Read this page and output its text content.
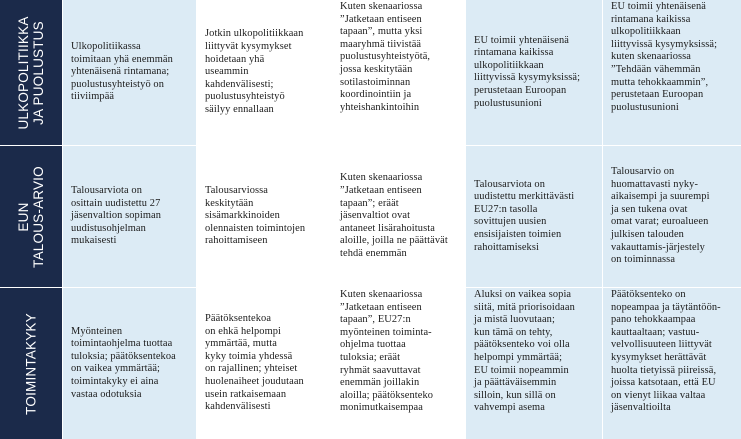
ULKOPOLITIIKKA JA PUOLUSTUS Ulkopolitiikassa
toimitaan yhä enemmän
yhtenäisenä rintamana;
puolustusyhteistyö on
tiiviimpää
Jotkin ulkopolitiikkaan
liittyvät kysymykset
hoidetaan yhä
useammin
kahdenvälisesti;
puolustusyhteistyö
säilyy ennallaan
Kuten skenaariossa
”Jatketaan entiseen
tapaan”, mutta yksi
maaryhmä tiivistää
puolustusyhteistyötä,
jossa keskitytään
sotilastoiminnan
koordinointiin ja
yhteishankintoihin
EU toimii yhtenäisenä
rintamana kaikissa
ulkopolitiikkaan
liittyvissä kysymyksissä;
perustetaan Euroopan
puolustusunioni
EU toimii yhtenäisenä
rintamana kaikissa
ulkopolitiikkaan
liittyvissä kysymyksissä;
kuten skenaariossa
”Tehdään vähemmän
mutta tehokkaammin”,
perustetaan Euroopan
puolustusunioni
EUN TALOUS-ARVIO Talousarviota on
osittain uudistettu 27
jäsenvaltion sopiman
uudistusohjelman
mukaisesti
Talousarviossa
keskitytään
sisämarkkinoiden
olennaisten toimintojen
rahoittamiseen
Kuten skenaariossa
”Jatketaan entiseen
tapaan”; eräät
jäsenvaltiot ovat
antaneet lisärahoitusta
aloille, joilla ne päättävät
tehdä enemmän
Talousarviota on
uudistettu merkittävästi
EU27:n tasolla
sovittujen uusien
ensisijaisten toimien
rahoittamiseksi
Talousarvio on
huomattavasti nyky-
aikaisempi ja suurempi
ja sen tukena ovat
omat varat; euroalueen
julkisen talouden
vakauttamis-järjestely
on toiminnassa
TOIMINTAKYKY	Myönteinen
toimintaohjelma tuottaa
tuloksia; päätöksentekoa
on vaikea ymmärtää;
toimintakyky ei aina
vastaa odotuksia
Päätöksentekoa
on ehkä helpompi
ymmärtää, mutta
kyky toimia yhdessä
on rajallinen; yhteiset
huolenaiheet joudutaan
usein ratkaisemaan
kahdenvälisesti
Kuten skenaariossa
”Jatketaan entiseen
tapaan”, EU27:n
myönteinen toiminta-
ohjelma tuottaa
tuloksia; eräät
ryhmät saavuttavat
enemmän joillakin
aloilla; päätöksenteko
monimutkaisempaa
Aluksi on vaikea sopia
siitä, mitä priorisoidaan
ja mistä luovutaan;
kun tämä on tehty,
päätöksenteko voi olla
helpompi ymmärtää;
EU toimii nopeammin
ja päättäväisemmin
silloin, kun sillä on
vahvempi asema
Päätöksenteko on
nopeampaa ja täytäntöön-
pano tehokkaampaa
kauttaaltaan; vastuu-
velvollisuuteen liittyvät
kysymykset herättävät
huolta tietyissä piireissä,
joissa katsotaan, että EU
on vienyt liikaa valtaa
jäsenvaltioilta
